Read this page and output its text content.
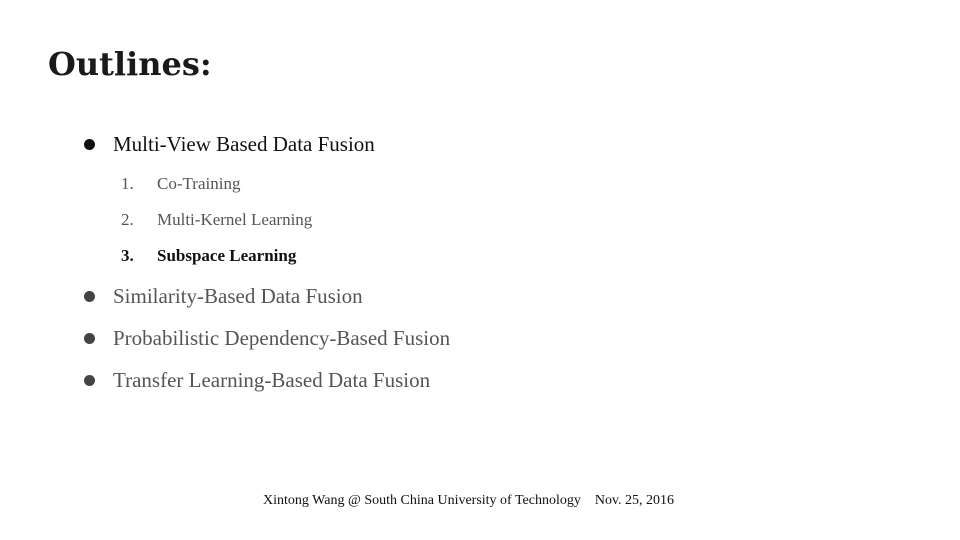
Outlines:
Multi-View Based Data Fusion
1.	Co-Training
2.	Multi-Kernel Learning
3.	Subspace Learning
Similarity-Based Data Fusion
Probabilistic Dependency-Based Fusion
Transfer Learning-Based Data Fusion
Xintong Wang @ South China University of Technology Nov. 25, 2016
